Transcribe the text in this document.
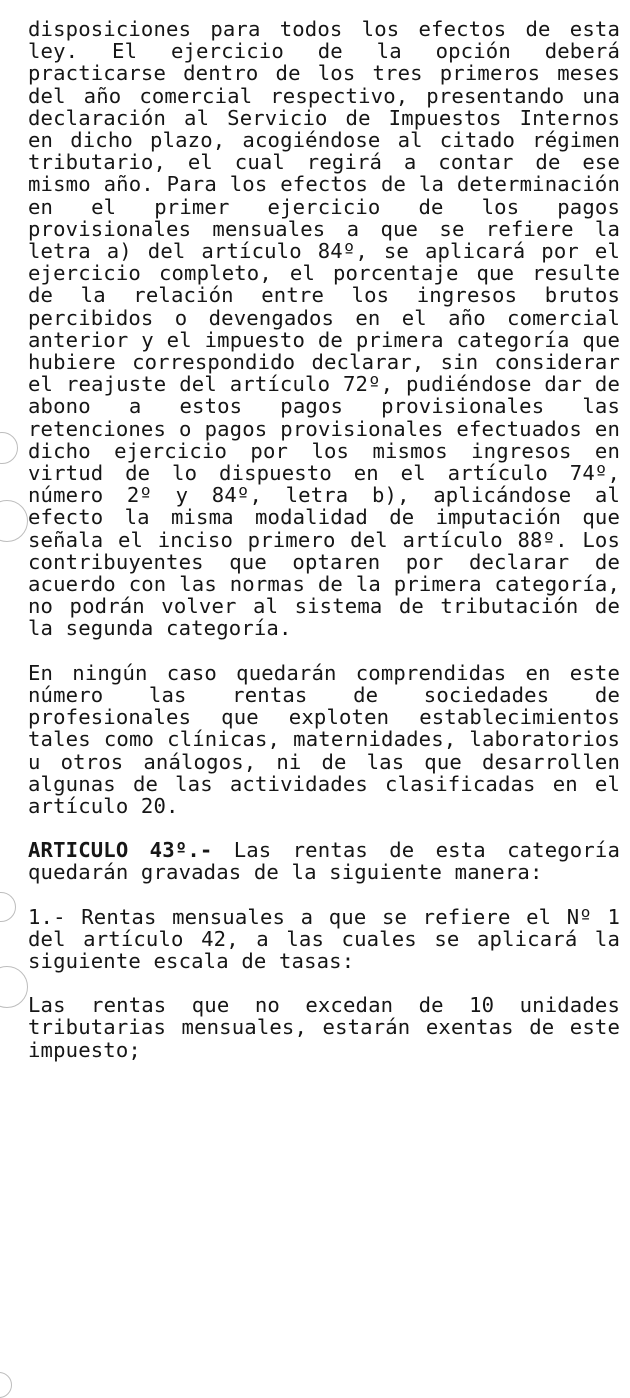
disposiciones para todos los efectos de esta ley. El ejercicio de la opción deberá practicarse dentro de los tres primeros meses del año comercial respectivo, presentando una declaración al Servicio de Impuestos Internos en dicho plazo, acogiéndose al citado régimen tributario, el cual regirá a contar de ese mismo año. Para los efectos de la determinación en el primer ejercicio de los pagos provisionales mensuales a que se refiere la letra a) del artículo 84º, se aplicará por el ejercicio completo, el porcentaje que resulte de la relación entre los ingresos brutos percibidos o devengados en el año comercial anterior y el impuesto de primera categoría que hubiere correspondido declarar, sin considerar el reajuste del artículo 72º, pudiéndose dar de abono a estos pagos provisionales las retenciones o pagos provisionales efectuados en dicho ejercicio por los mismos ingresos en virtud de lo dispuesto en el artículo 74º, número 2º y 84º, letra b), aplicándose al efecto la misma modalidad de imputación que señala el inciso primero del artículo 88º. Los contribuyentes que optaren por declarar de acuerdo con las normas de la primera categoría, no podrán volver al sistema de tributación de la segunda categoría.

En ningún caso quedarán comprendidas en este número las rentas de sociedades de profesionales que exploten establecimientos tales como clínicas, maternidades, laboratorios u otros análogos, ni de las que desarrollen algunas de las actividades clasificadas en el artículo 20.

ARTICULO 43º.- Las rentas de esta categoría quedarán gravadas de la siguiente manera:

1.- Rentas mensuales a que se refiere el Nº 1 del artículo 42, a las cuales se aplicará la siguiente escala de tasas:

Las rentas que no excedan de 10 unidades tributarias mensuales, estarán exentas de este impuesto;
